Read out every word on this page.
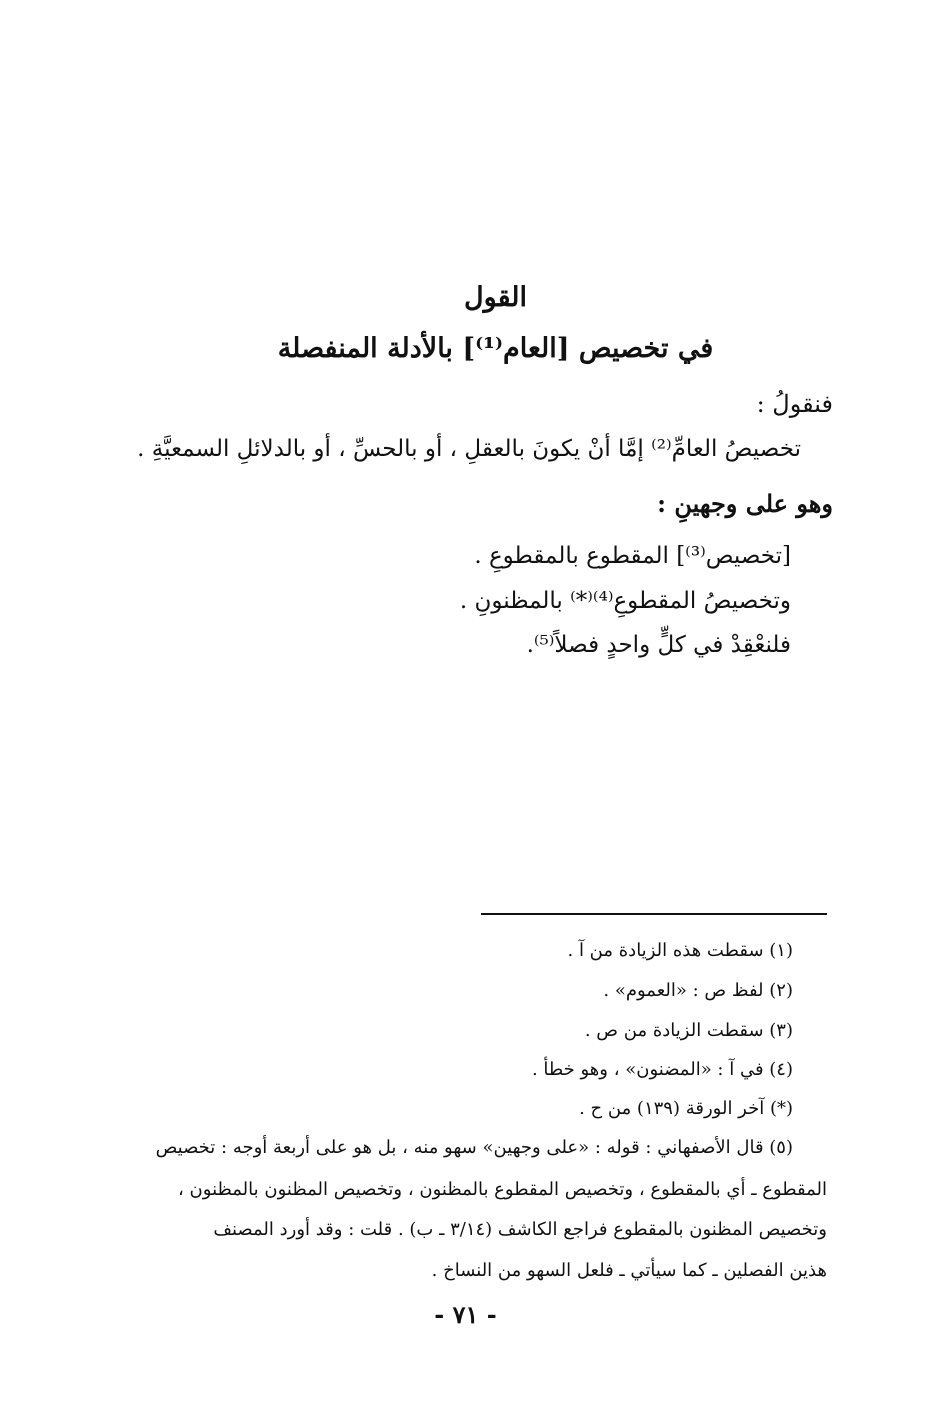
القول
في تخصيص [العام⁽¹⁾] بالأدلة المنفصلة
فنقولُ :
تخصيصُ العامِّ⁽²⁾ إمَّا أنْ يكونَ بالعقلِ ، أو بالحسِّ ، أو بالدلائلِ السمعيَّةِ .
وهو على وجهينِ :
[تخصيص⁽³⁾] المقطوع بالمقطوعِ .
وتخصيصُ المقطوعِ⁽⁴⁾⁽*⁾ بالمظنونِ .
فلنعْقِدْ في كلٍّ واحدٍ فصلاً⁽⁵⁾.
(١) سقطت هذه الزيادة من آ .
(٢) لفظ ص : «العموم» .
(٣) سقطت الزيادة من ص .
(٤) في آ : «المضنون» ، وهو خطأ .
(*) آخر الورقة (١٣٩) من ح .
(٥) قال الأصفهاني : قوله : «على وجهين» سهو منه ، بل هو على أربعة أوجه : تخصيص
المقطوع ـ أي بالمقطوع ، وتخصيص المقطوع بالمظنون ، وتخصيص المظنون بالمظنون ،
وتخصيص المظنون بالمقطوع فراجع الكاشف (٣/١٤ ـ ب) . قلت : وقد أورد المصنف
هذين الفصلين ـ كما سيأتي ـ فلعل السهو من النساخ .
- ٧١ -
